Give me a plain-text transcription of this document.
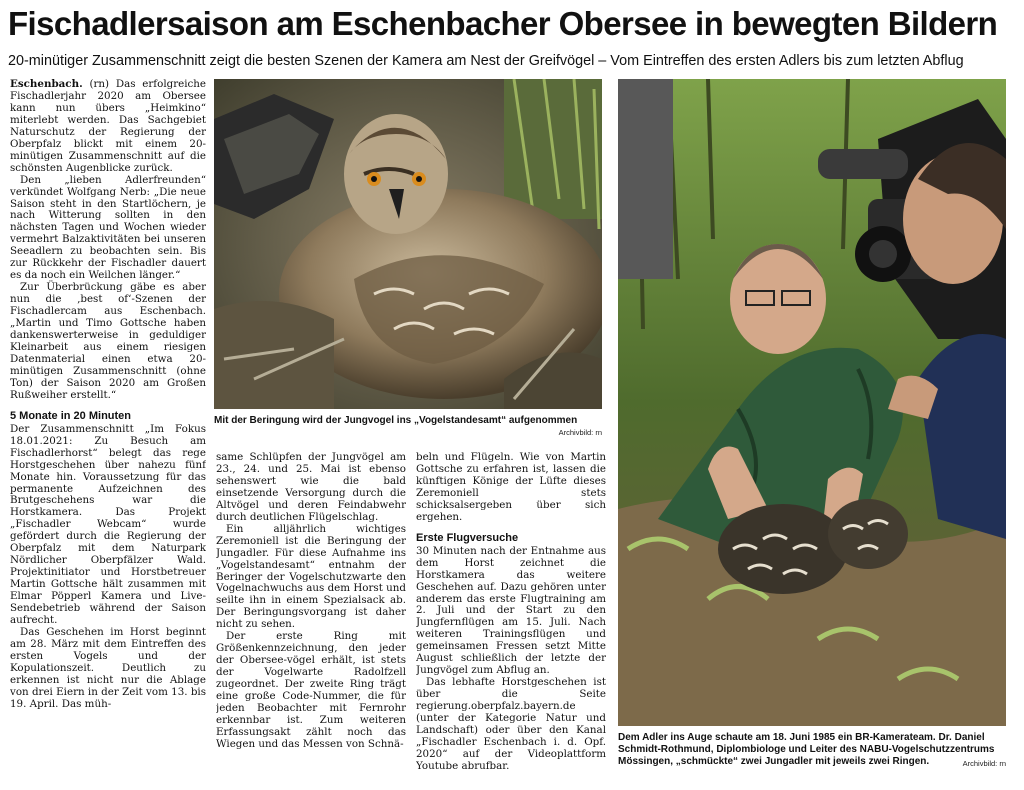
Fischadlersaison am Eschenbacher Obersee in bewegten Bildern
20-minütiger Zusammenschnitt zeigt die besten Szenen der Kamera am Nest der Greifvögel – Vom Eintreffen des ersten Adlers bis zum letzten Abflug

Eschenbach. (rn) Das erfolgreiche Fischadlerjahr 2020 am Obersee kann nun übers „Heimkino“ miterlebt werden. Das Sachgebiet Naturschutz der Regierung der Oberpfalz blickt mit einem 20-minütigen Zusammenschnitt auf die schönsten Augenblicke zurück.

Den „lieben Adlerfreunden“ verkündet Wolfgang Nerb: „Die neue Saison steht in den Startlöchern, je nach Witterung sollten in den nächsten Tagen und Wochen wieder vermehrt Balzaktivitäten bei unseren Seeadlern zu beobachten sein. Bis zur Rückkehr der Fischadler dauert es da noch ein Weilchen länger.“

Zur Überbrückung gäbe es aber nun die ‚best of‘-Szenen der Fischadlercam aus Eschenbach. „Martin und Timo Gottsche haben dankenswerterweise in geduldiger Kleinarbeit aus einem riesigen Datenmaterial einen etwa 20-minütigen Zusammenschnitt (ohne Ton) der Saison 2020 am Großen Rußweiher erstellt.“

5 Monate in 20 Minuten

Der Zusammenschnitt „Im Fokus 18.01.2021: Zu Besuch am Fischadlerhorst“ belegt das rege Horstgeschehen über nahezu fünf Monate hin. Voraussetzung für das permanente Aufzeichnen des Brutgeschehens war die Horstkamera. Das Projekt „Fischadler Webcam“ wurde gefördert durch die Regierung der Oberpfalz mit dem Naturpark Nördlicher Oberpfälzer Wald. Projektinitiator und Horstbetreuer Martin Gottsche hält zusammen mit Elmar Pöpperl Kamera und Live-Sendebetrieb während der Saison aufrecht.

Das Geschehen im Horst beginnt am 28. März mit dem Eintreffen des ersten Vogels und der Kopulationszeit. Deutlich zu erkennen ist nicht nur die Ablage von drei Eiern in der Zeit vom 13. bis 19. April. Das müh-

Mit der Beringung wird der Jungvogel ins „Vogelstandesamt“ aufgenommen
Archivbild: rn

same Schlüpfen der Jungvögel am 23., 24. und 25. Mai ist ebenso sehenswert wie die bald einsetzende Versorgung durch die Altvögel und deren Feindabwehr durch deutlichen Flügelschlag.

Ein alljährlich wichtiges Zeremoniell ist die Beringung der Jungadler. Für diese Aufnahme ins „Vogelstandesamt“ entnahm der Beringer der Vogelschutzwarte den Vogelnachwuchs aus dem Horst und seilte ihn in einem Spezialsack ab. Der Beringungsvorgang ist daher nicht zu sehen.

Der erste Ring mit Größenkennzeichnung, den jeder der Obersee-vögel erhält, ist stets der Vogelwarte Radolfzell zugeordnet. Der zweite Ring trägt eine große Code-Nummer, die für jeden Beobachter mit Fernrohr erkennbar ist. Zum weiteren Erfassungsakt zählt noch das Wiegen und das Messen von Schnä-

beln und Flügeln. Wie von Martin Gottsche zu erfahren ist, lassen die künftigen Könige der Lüfte dieses Zeremoniell stets schicksalsergeben über sich ergehen.

Erste Flugversuche

30 Minuten nach der Entnahme aus dem Horst zeichnet die Horstkamera das weitere Geschehen auf. Dazu gehören unter anderem das erste Flugtraining am 2. Juli und der Start zu den Jungfernflügen am 15. Juli. Nach weiteren Trainingsflügen und gemeinsamen Fressen setzt Mitte August schließlich der letzte der Jungvögel zum Abflug an.

Das lebhafte Horstgeschehen ist über die Seite regierung.oberpfalz.bayern.de (unter der Kategorie Natur und Landschaft) oder über den Kanal „Fischadler Eschenbach i. d. Opf. 2020“ auf der Videoplattform Youtube abrufbar.

Dem Adler ins Auge schaute am 18. Juni 1985 ein BR-Kamerateam. Dr. Daniel Schmidt-Rothmund, Diplombiologe und Leiter des NABU-Vogelschutzzentrums Mössingen, „schmückte“ zwei Jungadler mit jeweils zwei Ringen.	Archivbild: rn
